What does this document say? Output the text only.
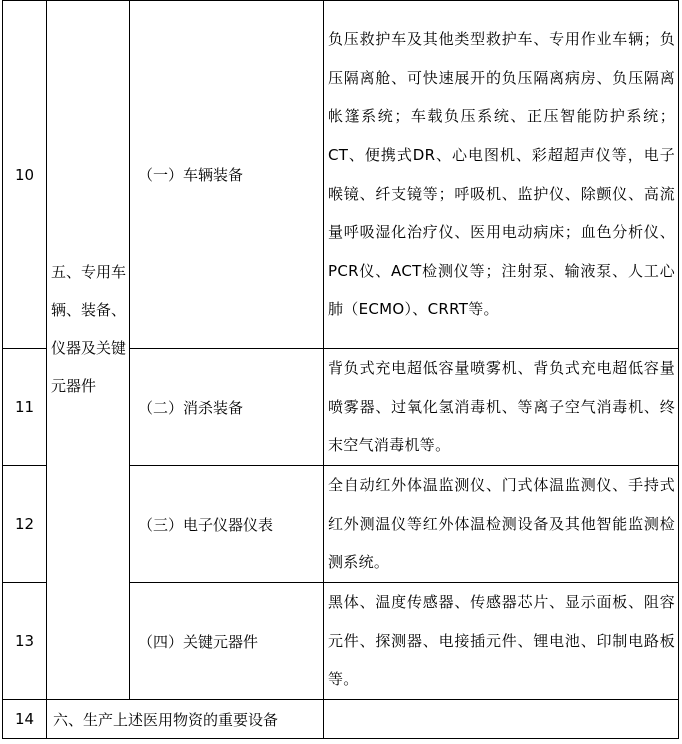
10	五、专用车辆、装备、仪器及关键元器件	（一）车辆装备	负压救护车及其他类型救护车、专用作业车辆；负压隔离舱、可快速展开的负压隔离病房、负压隔离帐篷系统；车载负压系统、正压智能防护系统；CT、便携式DR、心电图机、彩超超声仪等，电子喉镜、纤支镜等；呼吸机、监护仪、除颤仪、高流量呼吸湿化治疗仪、医用电动病床；血色分析仪、PCR仪、ACT检测仪等；注射泵、输液泵、人工心肺（ECMO）、CRRT等。

11		（二）消杀装备	背负式充电超低容量喷雾机、背负式充电超低容量喷雾器、过氧化氢消毒机、等离子空气消毒机、终末空气消毒机等。

12		（三）电子仪器仪表	全自动红外体温监测仪、门式体温监测仪、手持式红外测温仪等红外体温检测设备及其他智能监测检测系统。

13		（四）关键元器件	黑体、温度传感器、传感器芯片、显示面板、阻容元件、探测器、电接插元件、锂电池、印制电路板等。

14	六、生产上述医用物资的重要设备		
